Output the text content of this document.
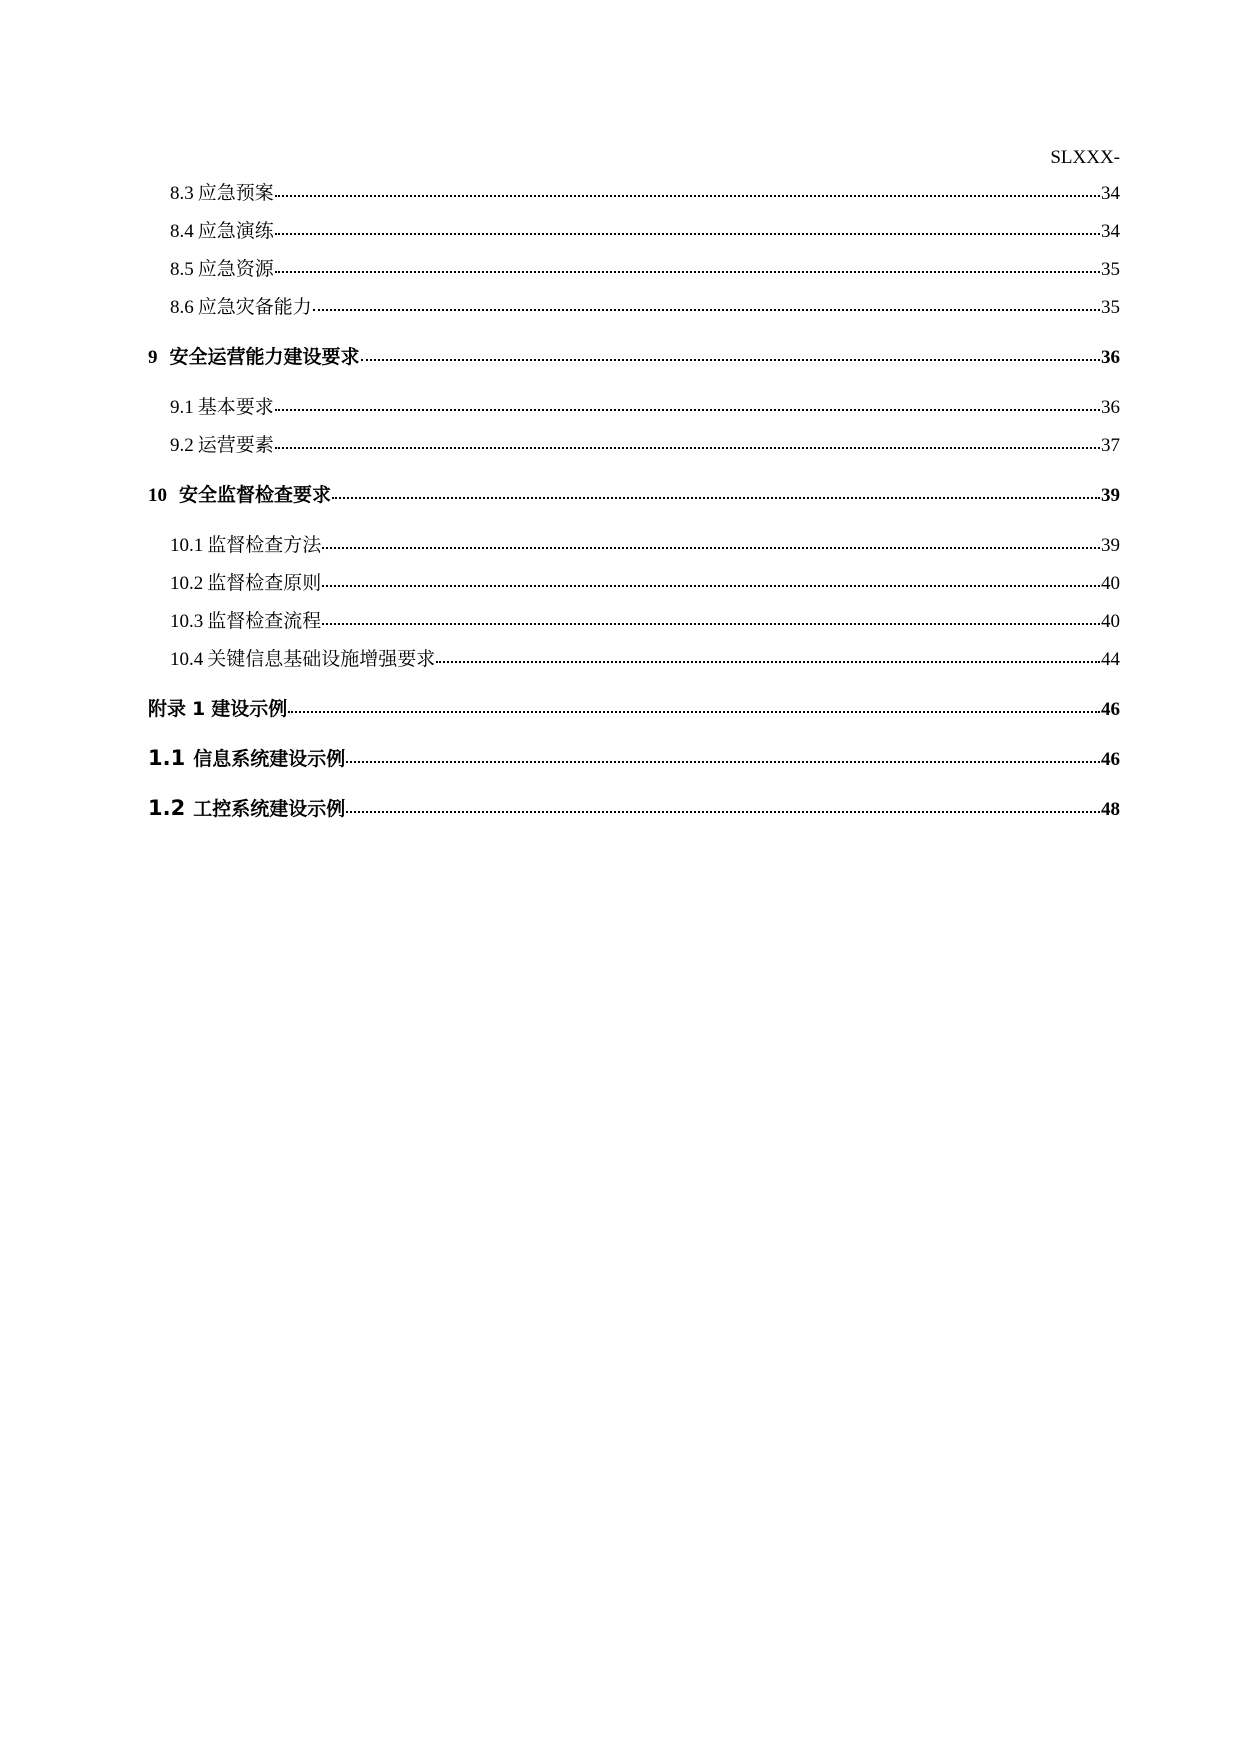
SLXXX-
8.3 应急预案	34
8.4 应急演练	34
8.5 应急资源	35
8.6 应急灾备能力	35
9 安全运营能力建设要求	36
9.1 基本要求	36
9.2 运营要素	37
10 安全监督检查要求	39
10.1 监督检查方法	39
10.2 监督检查原则	40
10.3 监督检查流程	40
10.4 关键信息基础设施增强要求	44
附录 1 建设示例	46
1.1 信息系统建设示例	46
1.2 工控系统建设示例	48
